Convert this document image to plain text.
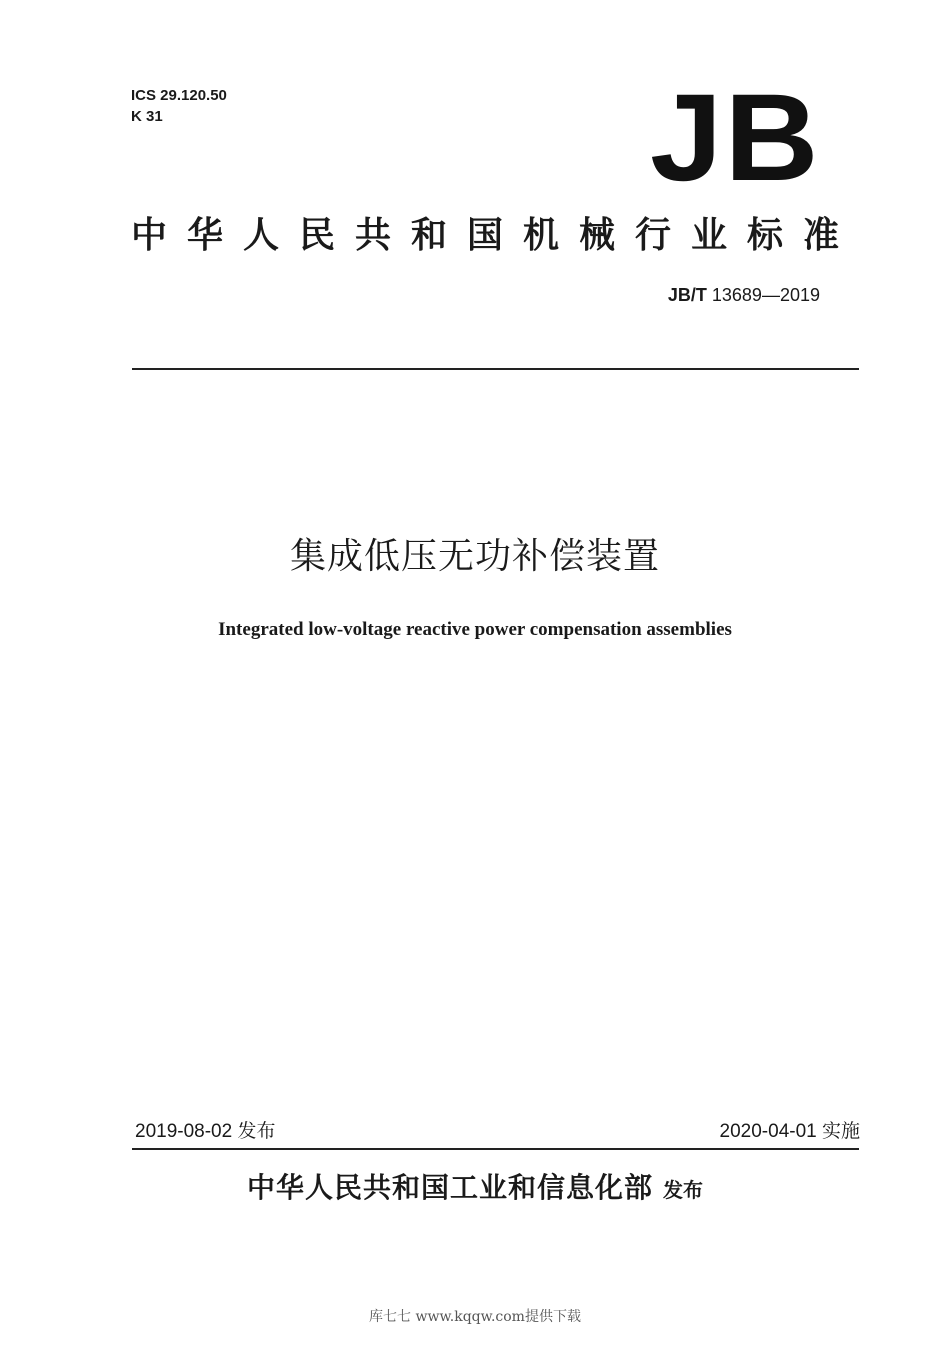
ICS 29.120.50
K 31	JB
中华人民共和国机械行业标准
JB/T 13689—2019
集成低压无功补偿装置
Integrated low-voltage reactive power compensation assemblies
2019-08-02 发布	2020-04-01 实施
中华人民共和国工业和信息化部 发布
库七七 www.kqqw.com提供下载
